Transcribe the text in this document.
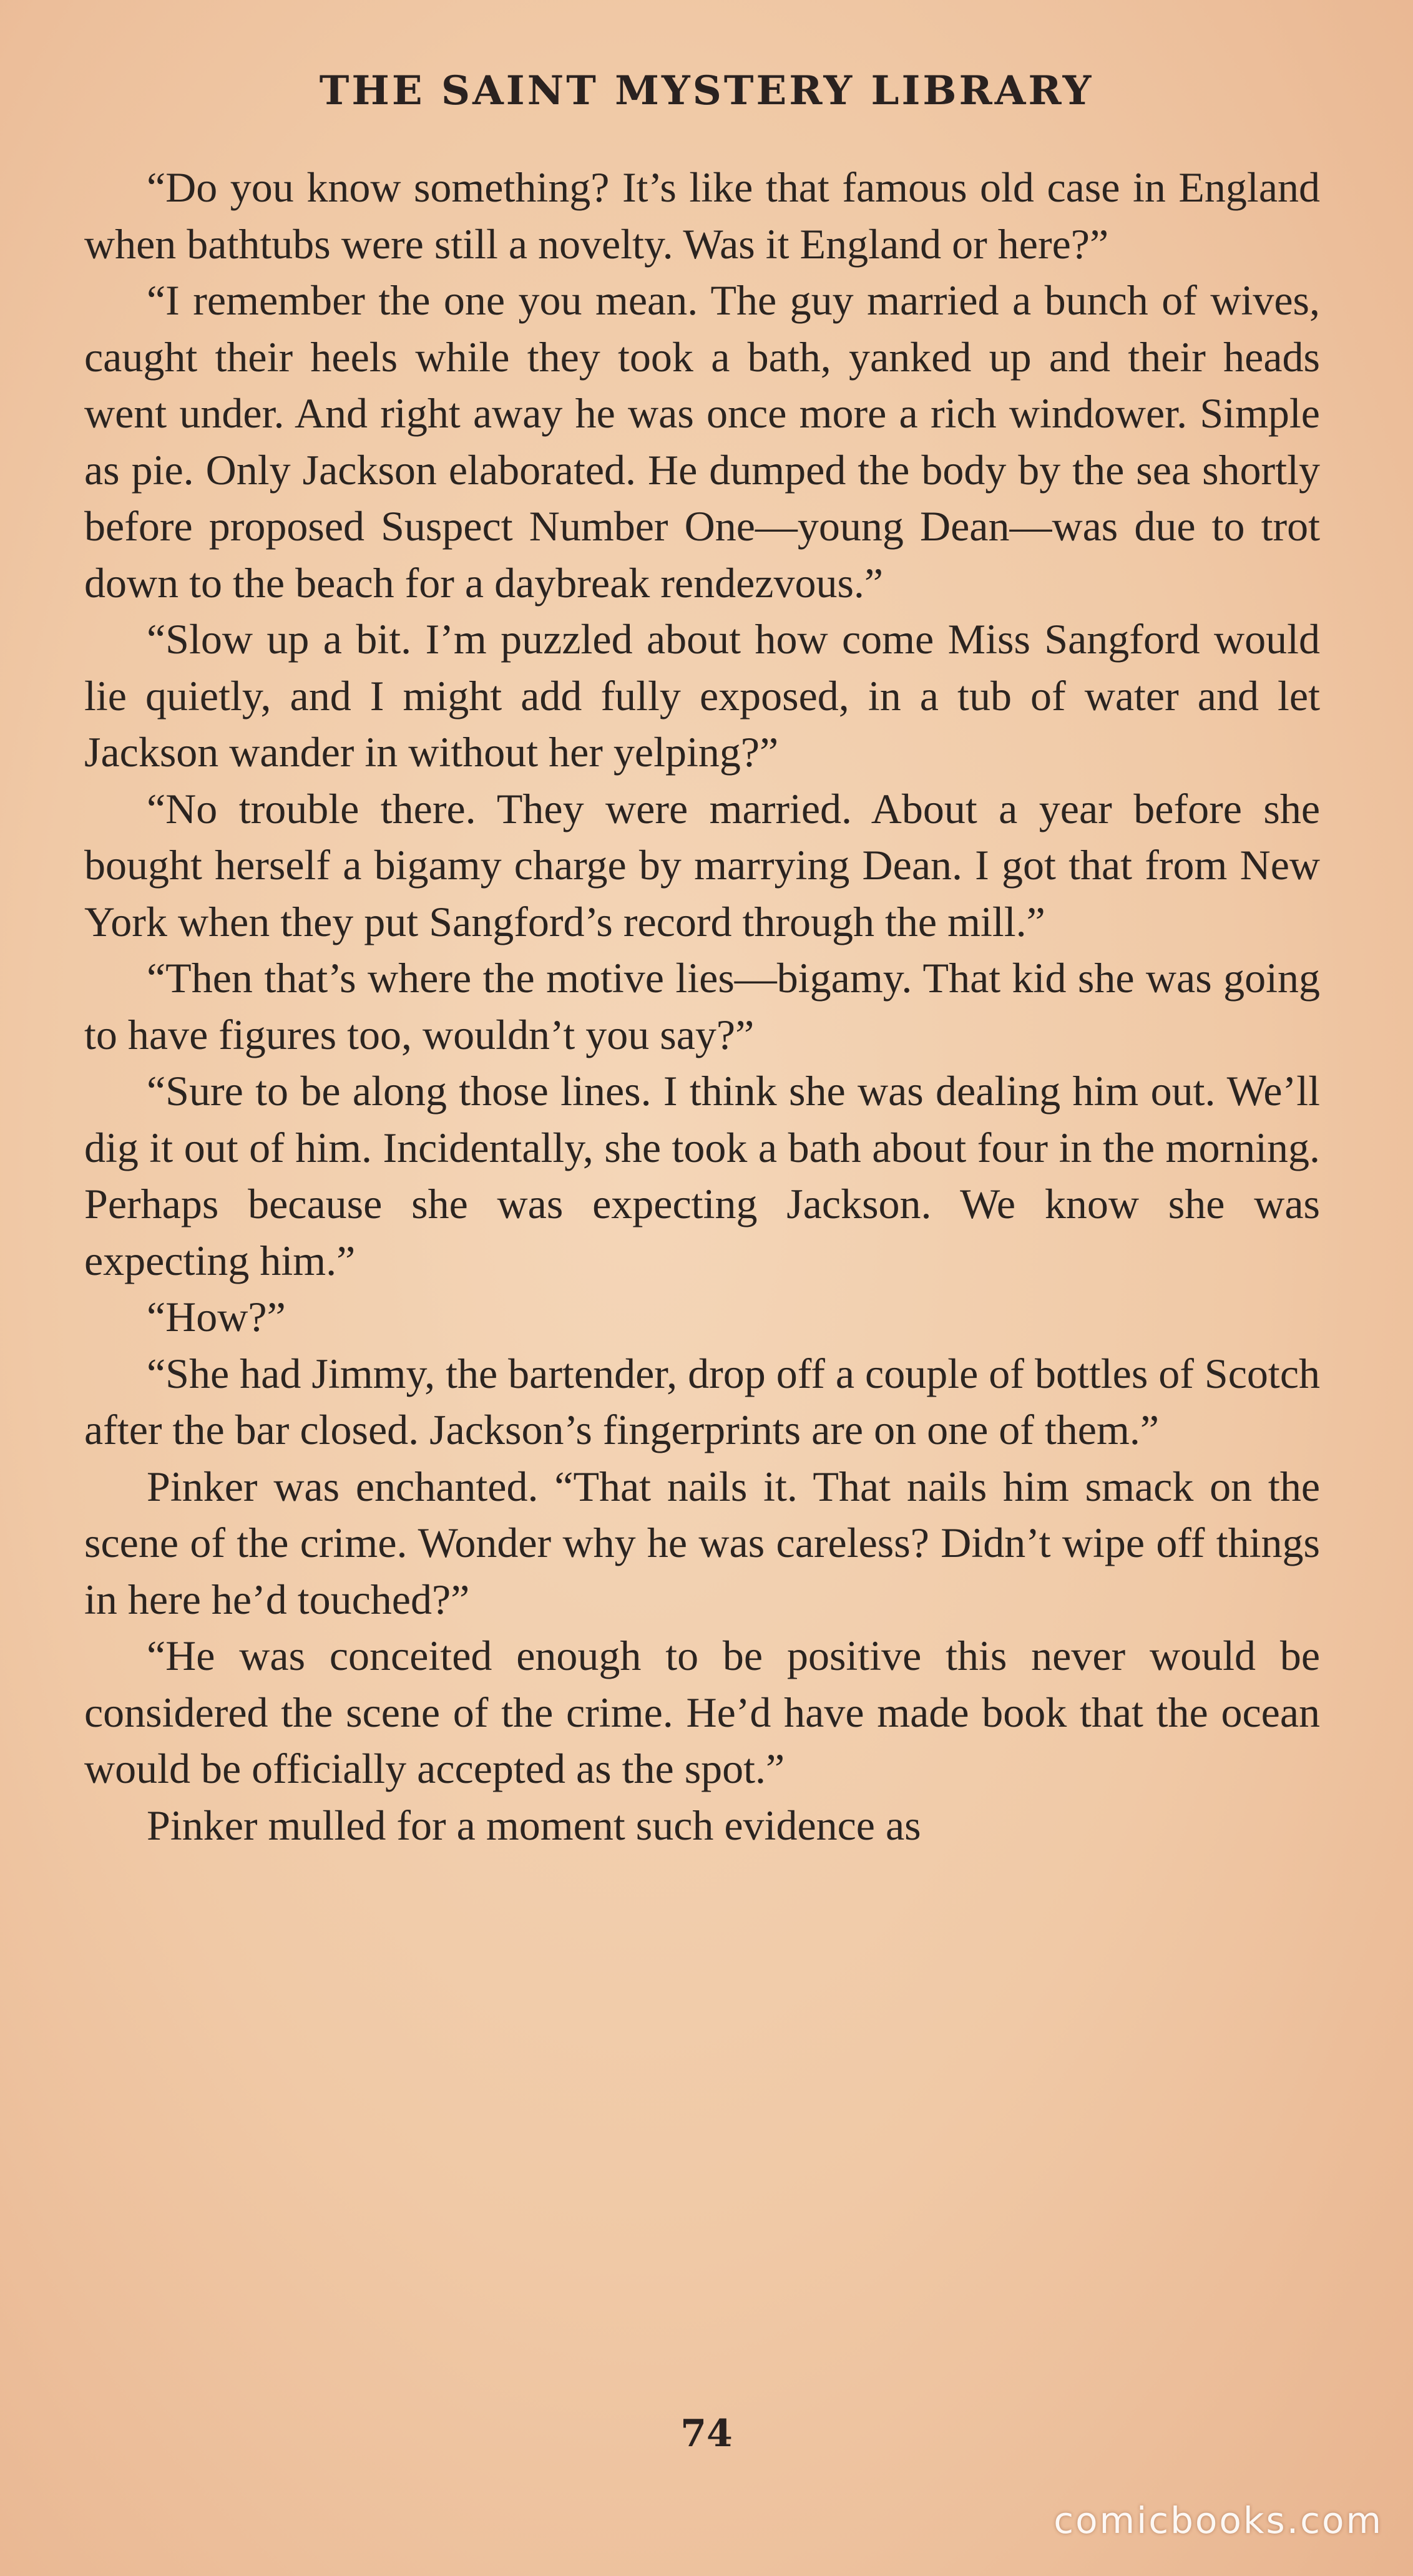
THE SAINT MYSTERY LIBRARY

“Do you know something? It’s like that famous old case in England when bathtubs were still a novelty. Was it England or here?”

“I remember the one you mean. The guy married a bunch of wives, caught their heels while they took a bath, yanked up and their heads went under. And right away he was once more a rich windower. Simple as pie. Only Jackson elaborated. He dumped the body by the sea shortly before proposed Suspect Number One—young Dean—was due to trot down to the beach for a daybreak rendezvous.”

“Slow up a bit. I’m puzzled about how come Miss Sangford would lie quietly, and I might add fully exposed, in a tub of water and let Jackson wander in without her yelping?”

“No trouble there. They were married. About a year before she bought herself a bigamy charge by marrying Dean. I got that from New York when they put Sangford’s record through the mill.”

“Then that’s where the motive lies—bigamy. That kid she was going to have figures too, wouldn’t you say?”

“Sure to be along those lines. I think she was dealing him out. We’ll dig it out of him. Incidentally, she took a bath about four in the morning. Perhaps because she was expecting Jackson. We know she was expecting him.”

“How?”

“She had Jimmy, the bartender, drop off a couple of bottles of Scotch after the bar closed. Jackson’s fingerprints are on one of them.”

Pinker was enchanted. “That nails it. That nails him smack on the scene of the crime. Wonder why he was careless? Didn’t wipe off things in here he’d touched?”

“He was conceited enough to be positive this never would be considered the scene of the crime. He’d have made book that the ocean would be officially accepted as the spot.”

Pinker mulled for a moment such evidence as

74
comicbooks.com
